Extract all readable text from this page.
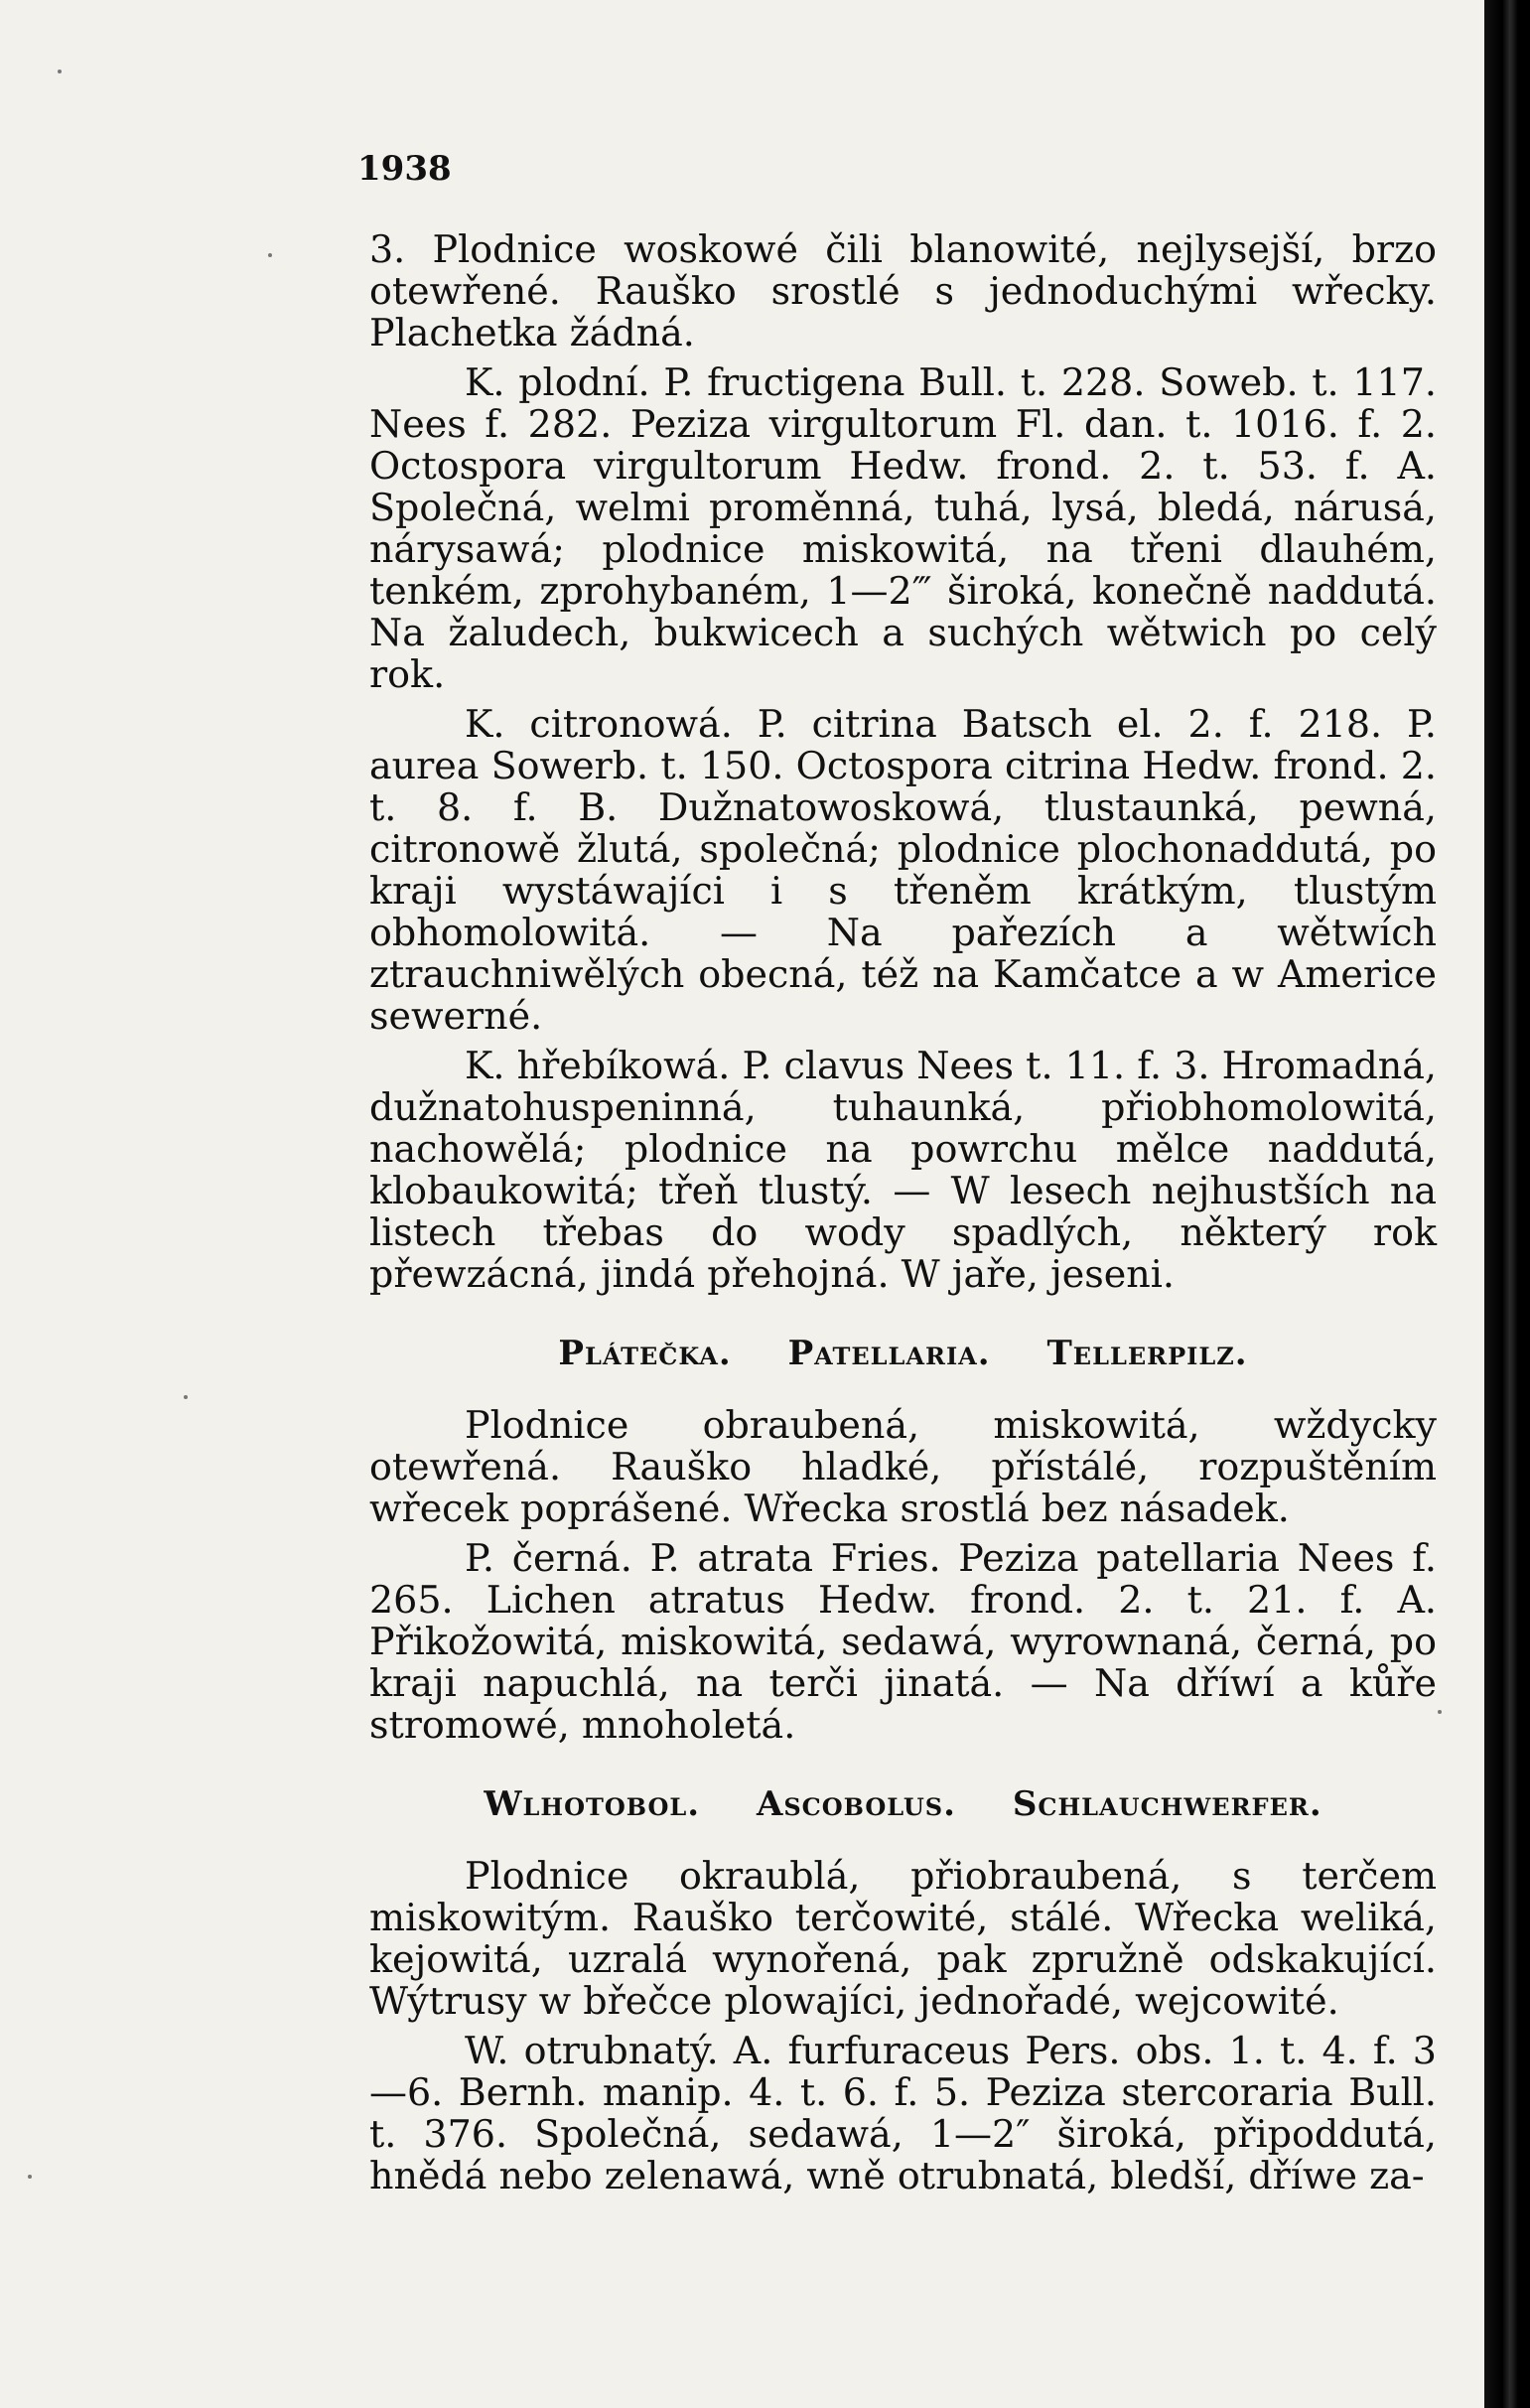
1938

3. Plodnice woskowé čili blanowité, nejlysejší, brzo otewřené. Rauško srostlé s jednoduchými wřecky. Plachetka žádná.

K. plodní. P. fructigena Bull. t. 228. Soweb. t. 117. Nees f. 282. Peziza virgultorum Fl. dan. t. 1016. f. 2. Octospora virgultorum Hedw. frond. 2. t. 53. f. A. Společná, welmi proměnná, tuhá, lysá, bledá, nárusá, nárysawá; plodnice miskowitá, na třeni dlauhém, tenkém, zprohybaném, 1—2‴ široká, konečně naddutá. Na žaludech, bukwicech a suchých wětwich po celý rok.

K. citronowá. P. citrina Batsch el. 2. f. 218. P. aurea Sowerb. t. 150. Octospora citrina Hedw. frond. 2. t. 8. f. B. Dužnatowoskowá, tlustaunká, pewná, citronowě žlutá, společná; plodnice plochonaddutá, po kraji wystáwajíci i s třeněm krátkým, tlustým obhomolowitá. — Na pařezích a wětwích ztrauchniwělých obecná, též na Kamčatce a w Americe sewerné.

K. hřebíkowá. P. clavus Nees t. 11. f. 3. Hromadná, dužnatohuspeninná, tuhaunká, přiobhomolowitá, nachowělá; plodnice na powrchu mělce naddutá, klobaukowitá; třeň tlustý. — W lesech nejhustších na listech třebas do wody spadlých, některý rok přewzácná, jindá přehojná. W jaře, jeseni.

Plátečka. Patellaria. Tellerpilz.

Plodnice obraubená, miskowitá, wždycky otewřená. Rauško hladké, přístálé, rozpuštěním wřecek poprášené. Wřecka srostlá bez násadek.

P. černá. P. atrata Fries. Peziza patellaria Nees f. 265. Lichen atratus Hedw. frond. 2. t. 21. f. A. Přikožowitá, miskowitá, sedawá, wyrownaná, černá, po kraji napuchlá, na terči jinatá. — Na dříwí a kůře stromowé, mnoholetá.

Wlhotobol. Ascobolus. Schlauchwerfer.

Plodnice okraublá, přiobraubená, s terčem miskowitým. Rauško terčowité, stálé. Wřecka weliká, kejowitá, uzralá wynořená, pak zpružně odskakující. Wýtrusy w břečce plowajíci, jednořadé, wejcowité.

W. otrubnatý. A. furfuraceus Pers. obs. 1. t. 4. f. 3—6. Bernh. manip. 4. t. 6. f. 5. Peziza stercoraria Bull. t. 376. Společná, sedawá, 1—2″ široká, připoddutá, hnědá nebo zelenawá, wně otrubnatá, bledší, dříwe za-
